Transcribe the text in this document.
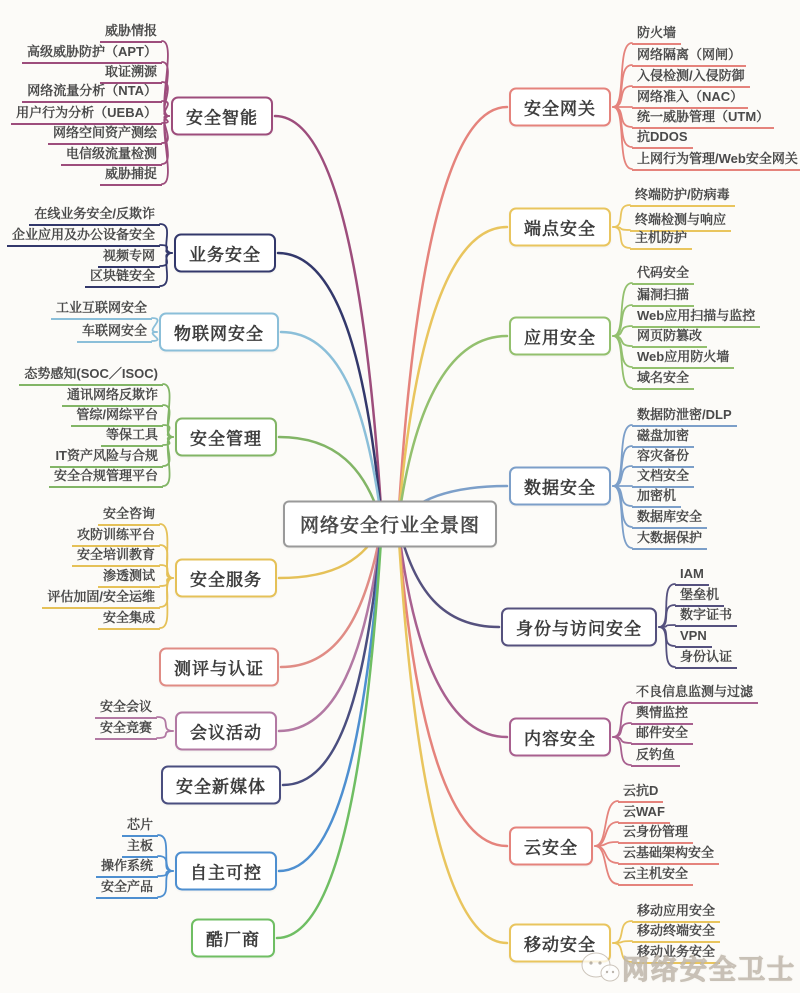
网络安全行业全景图
网络安全卫士
安全智能
威胁情报
高级威胁防护（APT）
取证溯源
网络流量分析（NTA）
用户行为分析（UEBA）
网络空间资产测绘
电信级流量检测
威胁捕捉
业务安全
在线业务安全/反欺诈
企业应用及办公设备安全
视频专网
区块链安全
物联网安全
工业互联网安全
车联网安全
安全管理
态势感知(SOC／ISOC)
通讯网络反欺诈
管综/网综平台
等保工具
IT资产风险与合规
安全合规管理平台
安全服务
安全咨询
攻防训练平台
安全培训教育
渗透测试
评估加固/安全运维
安全集成
测评与认证
会议活动
安全会议
安全竞赛
安全新媒体
自主可控
芯片
主板
操作系统
安全产品
酷厂商
安全网关
防火墙
网络隔离（网闸）
入侵检测/入侵防御
网络准入（NAC）
统一威胁管理（UTM）
抗DDOS
上网行为管理/Web安全网关
端点安全
终端防护/防病毒
终端检测与响应
主机防护
应用安全
代码安全
漏洞扫描
Web应用扫描与监控
网页防篡改
Web应用防火墙
域名安全
数据安全
数据防泄密/DLP
磁盘加密
容灾备份
文档安全
加密机
数据库安全
大数据保护
身份与访问安全
IAM
堡垒机
数字证书
VPN
身份认证
内容安全
不良信息监测与过滤
舆情监控
邮件安全
反钓鱼
云安全
云抗D
云WAF
云身份管理
云基础架构安全
云主机安全
移动安全
移动应用安全
移动终端安全
移动业务安全
